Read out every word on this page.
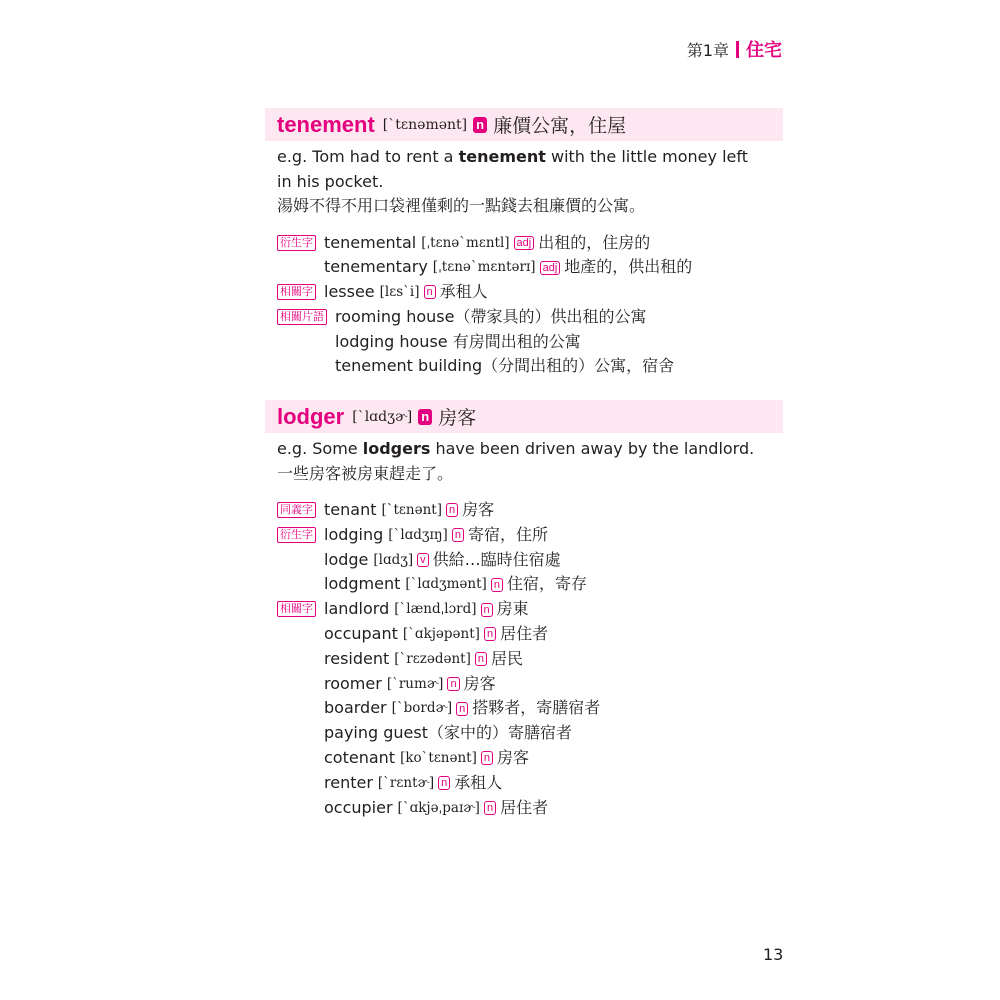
第1章 住宅
tenement [`tɛnəmənt] n 廉價公寓，住屋
e.g. Tom had to rent a tenement with the little money left
in his pocket.
湯姆不得不用口袋裡僅剩的一點錢去租廉價的公寓。
衍生字 tenemental [ˌtɛnə`mɛntl] adj 出租的，住房的
tenementary [ˌtɛnə`mɛntərɪ] adj 地產的，供出租的
相關字 lessee [lɛs`i] n 承租人
相關片語 rooming house（帶家具的）供出租的公寓
lodging house 有房間出租的公寓
tenement building（分間出租的）公寓，宿舍
lodger [`lɑdʒɚ] n 房客
e.g. Some lodgers have been driven away by the landlord.
一些房客被房東趕走了。
同義字 tenant [`tɛnənt] n 房客
衍生字 lodging [`lɑdʒɪŋ] n 寄宿，住所
lodge [lɑdʒ] v 供給…臨時住宿處
lodgment [`lɑdʒmənt] n 住宿，寄存
相關字 landlord [`lændˌlɔrd] n 房東
occupant [`ɑkjəpənt] n 居住者
resident [`rɛzədənt] n 居民
roomer [`rumɚ] n 房客
boarder [`bordɚ] n 搭夥者，寄膳宿者
paying guest（家中的）寄膳宿者
cotenant [ko`tɛnənt] n 房客
renter [`rɛntɚ] n 承租人
occupier [`ɑkjəˌpaɪɚ] n 居住者
13
